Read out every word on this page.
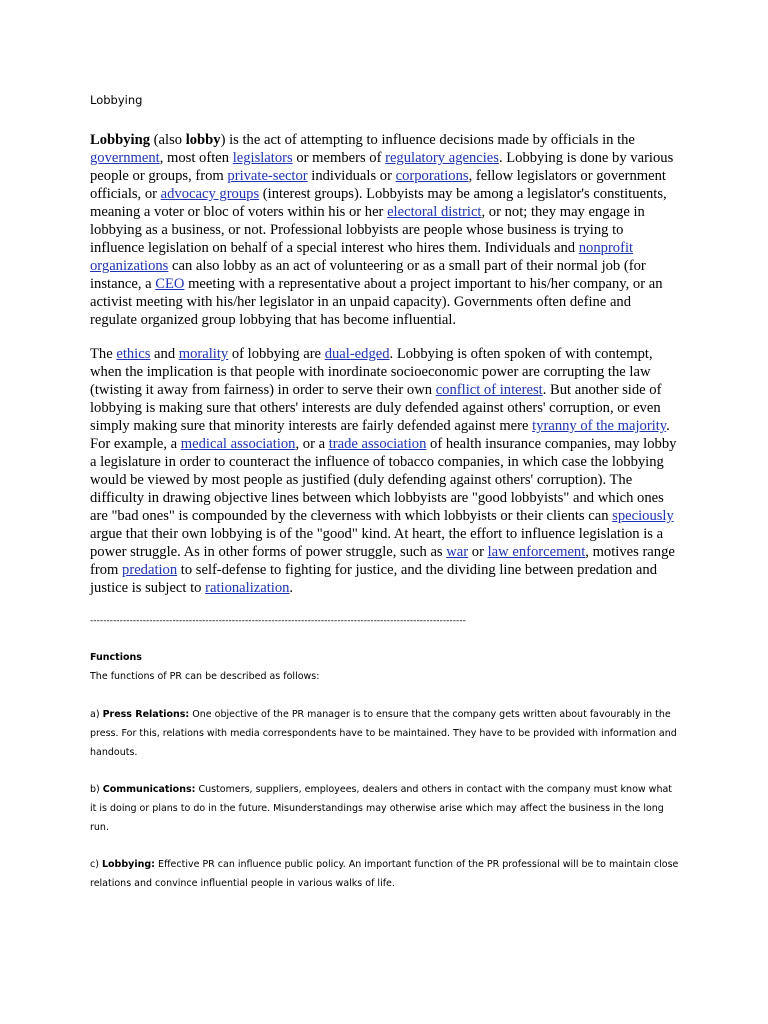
Lobbying

Lobbying (also lobby) is the act of attempting to influence decisions made by officials in the government, most often legislators or members of regulatory agencies. Lobbying is done by various people or groups, from private-sector individuals or corporations, fellow legislators or government officials, or advocacy groups (interest groups). Lobbyists may be among a legislator's constituents, meaning a voter or bloc of voters within his or her electoral district, or not; they may engage in lobbying as a business, or not. Professional lobbyists are people whose business is trying to influence legislation on behalf of a special interest who hires them. Individuals and nonprofit organizations can also lobby as an act of volunteering or as a small part of their normal job (for instance, a CEO meeting with a representative about a project important to his/her company, or an activist meeting with his/her legislator in an unpaid capacity). Governments often define and regulate organized group lobbying that has become influential.

The ethics and morality of lobbying are dual-edged. Lobbying is often spoken of with contempt, when the implication is that people with inordinate socioeconomic power are corrupting the law (twisting it away from fairness) in order to serve their own conflict of interest. But another side of lobbying is making sure that others' interests are duly defended against others' corruption, or even simply making sure that minority interests are fairly defended against mere tyranny of the majority. For example, a medical association, or a trade association of health insurance companies, may lobby a legislature in order to counteract the influence of tobacco companies, in which case the lobbying would be viewed by most people as justified (duly defending against others' corruption). The difficulty in drawing objective lines between which lobbyists are "good lobbyists" and which ones are "bad ones" is compounded by the cleverness with which lobbyists or their clients can speciously argue that their own lobbying is of the "good" kind. At heart, the effort to influence legislation is a power struggle. As in other forms of power struggle, such as war or law enforcement, motives range from predation to self-defense to fighting for justice, and the dividing line between predation and justice is subject to rationalization.

------------------------------------------------------------------------------------------------------------------

Functions

The functions of PR can be described as follows:

a) Press Relations: One objective of the PR manager is to ensure that the company gets written about favourably in the press. For this, relations with media correspondents have to be maintained. They have to be provided with information and handouts.

b) Communications: Customers, suppliers, employees, dealers and others in contact with the company must know what it is doing or plans to do in the future. Misunderstandings may otherwise arise which may affect the business in the long run.

c) Lobbying: Effective PR can influence public policy. An important function of the PR professional will be to maintain close relations and convince influential people in various walks of life.
